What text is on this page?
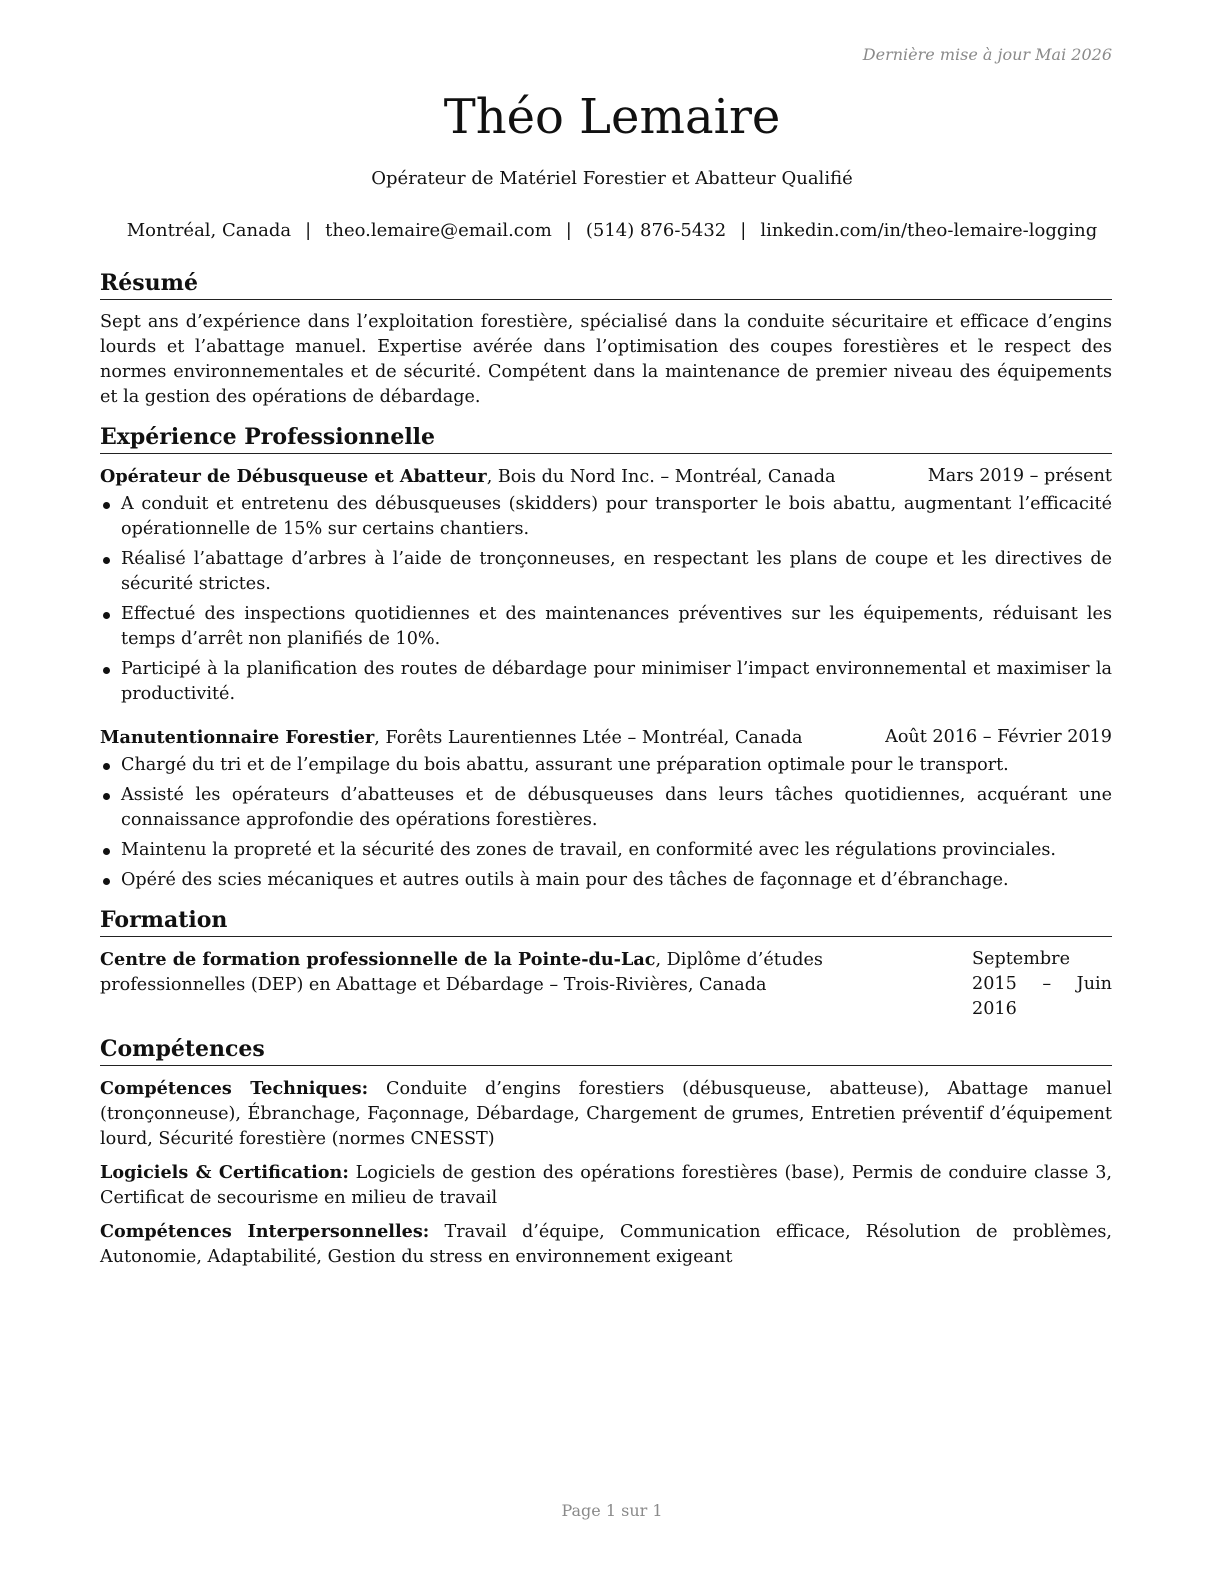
Dernière mise à jour Mai 2026
Théo Lemaire
Opérateur de Matériel Forestier et Abatteur Qualifié
Montréal, Canada | theo.lemaire@email.com | (514) 876-5432 | linkedin.com/in/theo-lemaire-logging
Résumé

Sept ans d’expérience dans l’exploitation forestière, spécialisé dans la conduite sécuritaire et efficace d’engins lourds et l’abattage manuel. Expertise avérée dans l’optimisation des coupes forestières et le respect des normes environnementales et de sécurité. Compétent dans la maintenance de premier niveau des équipements et la gestion des opérations de débardage.

Expérience Professionnelle
Opérateur de Débusqueuse et Abatteur, Bois du Nord Inc. – Montréal, Canada	Mars 2019 – présent
A conduit et entretenu des débusqueuses (skidders) pour transporter le bois abattu, augmentant l’efficacité opérationnelle de 15% sur certains chantiers.
Réalisé l’abattage d’arbres à l’aide de tronçonneuses, en respectant les plans de coupe et les directives de sécurité strictes.
Effectué des inspections quotidiennes et des maintenances préventives sur les équipements, réduisant les temps d’arrêt non planifiés de 10%.
Participé à la planification des routes de débardage pour minimiser l’impact environnemental et maximiser la productivité.
Manutentionnaire Forestier, Forêts Laurentiennes Ltée – Montréal, Canada	Août 2016 – Février 2019
Chargé du tri et de l’empilage du bois abattu, assurant une préparation optimale pour le transport.
Assisté les opérateurs d’abatteuses et de débusqueuses dans leurs tâches quotidiennes, acquérant une connaissance approfondie des opérations forestières.
Maintenu la propreté et la sécurité des zones de travail, en conformité avec les régulations provinciales.
Opéré des scies mécaniques et autres outils à main pour des tâches de façonnage et d’ébranchage.
Formation

Centre de formation professionnelle de la Pointe-du-Lac, Diplôme d’études professionnelles (DEP) en Abattage et Débardage – Trois-Rivières, Canada

Septembre 2015 – Juin 2016

Compétences

Compétences Techniques: Conduite d’engins forestiers (débusqueuse, abatteuse), Abattage manuel (tronçonneuse), Ébranchage, Façonnage, Débardage, Chargement de grumes, Entretien préventif d’équipement lourd, Sécurité forestière (normes CNESST)

Logiciels & Certification: Logiciels de gestion des opérations forestières (base), Permis de conduire classe 3, Certificat de secourisme en milieu de travail

Compétences Interpersonnelles: Travail d’équipe, Communication efficace, Résolution de problèmes, Autonomie, Adaptabilité, Gestion du stress en environnement exigeant

Page 1 sur 1
